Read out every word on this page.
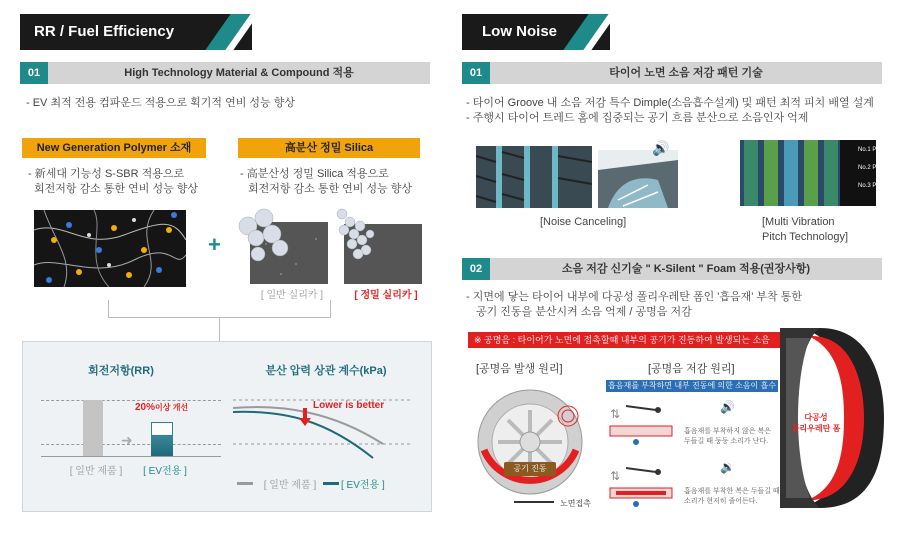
RR / Fuel Efficiency
01	High Technology Material & Compound 적용
- EV 최적 전용 컴파운드 적용으로 획기적 연비 성능 향상
New Generation Polymer 소재
- 新세대 기능성 S-SBR 적용으로
회전저항 감소 통한 연비 성능 향상
+
高분산 정밀 Silica
- 高분산성 정밀 Silica 적용으로
회전저항 감소 통한 연비 성능 향상
[ 일반 실리카 ]	[ 정밀 실리카 ]
회전저항(RR)	분산 압력 상관 계수(kPa)
➜
20%이상 개선
[ 일반 제품 ]	[ EV전용 ]
Lower is better
[ 일반 제품 ]	[ EV전용 ]
Low Noise
01	타이어 노면 소음 저감 패턴 기술
- 타이어 Groove 내 소음 저감 특수 Dimple(소음흡수설계) 및 패턴 최적 피치 배열 설계
- 주행시 타이어 트레드 홈에 집중되는 공기 흐름 분산으로 소음인자 억제
🔊	No.1 Pitch
No.2 Pitch
No.3 Pitch
[Noise Canceling]	[Multi Vibration
Pitch Technology]
02	소음 저감 신기술 " K-Silent " Foam 적용(권장사항)
- 지면에 닿는 타이어 내부에 다공성 폴리우레탄 폼인 '흡음재' 부착 통한
공기 진동을 분산시켜 소음 억제 / 공명음 저감
※ 공명음 : 타이어가 노면에 접촉할때 내부의 공기가 진동하여 발생되는 소음
[공명음 발생 원리]	[공명음 저감 원리]
공기 진동
노면접촉
흡음재를 부착하면 내부 진동에 의한 소음이 흡수된다.
⇅	🔊
흡음재를 부착하지 않은 복은
두들길 때 둥둥 소리가 난다.
⇅
🔉
흡음재를 부착한 복은 두들길 때
소리가 현저히 줄어든다.
다공성
폴리우레탄 폼
